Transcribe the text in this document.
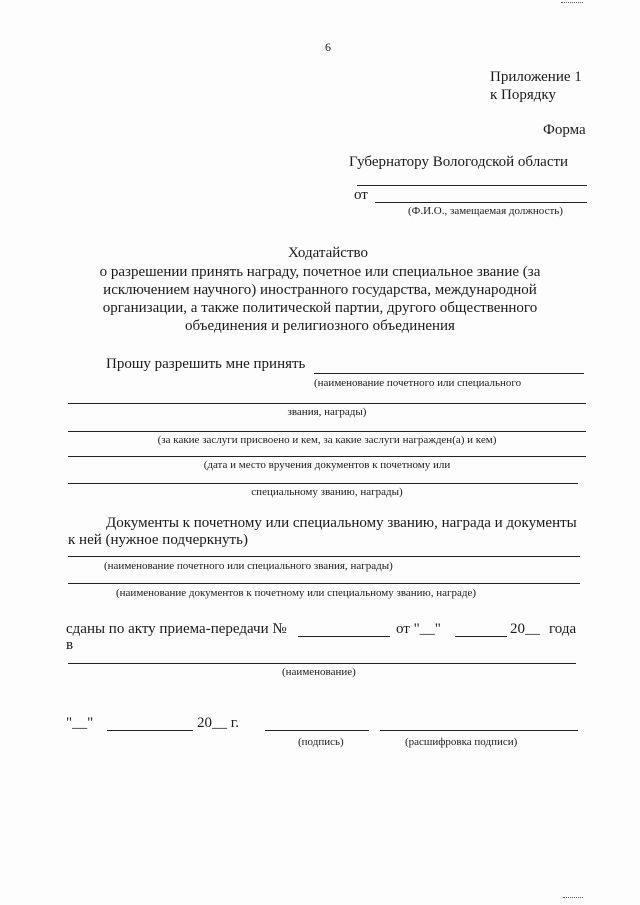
6
Приложение 1
к Порядку
Форма
Губернатору Вологодской области
от
(Ф.И.О., замещаемая должность)
Ходатайство
о разрешении принять награду, почетное или специальное звание (за
исключением научного) иностранного государства, международной
организации, а также политической партии, другого общественного
объединения и религиозного объединения
Прошу разрешить мне принять
(наименование почетного или специального
звания, награды)
(за какие заслуги присвоено и кем, за какие заслуги награжден(а) и кем)
(дата и место вручения документов к почетному или
специальному званию, награды)
Документы к почетному или специальному званию, награда и документы
к ней (нужное подчеркнуть)
(наименование почетного или специального звания, награды)
(наименование документов к почетному или специальному званию, награде)
сданы по акту приема-передачи №	от "__"	20__ года
в
(наименование)
"__"	20__ г.
(подпись)	(расшифровка подписи)
